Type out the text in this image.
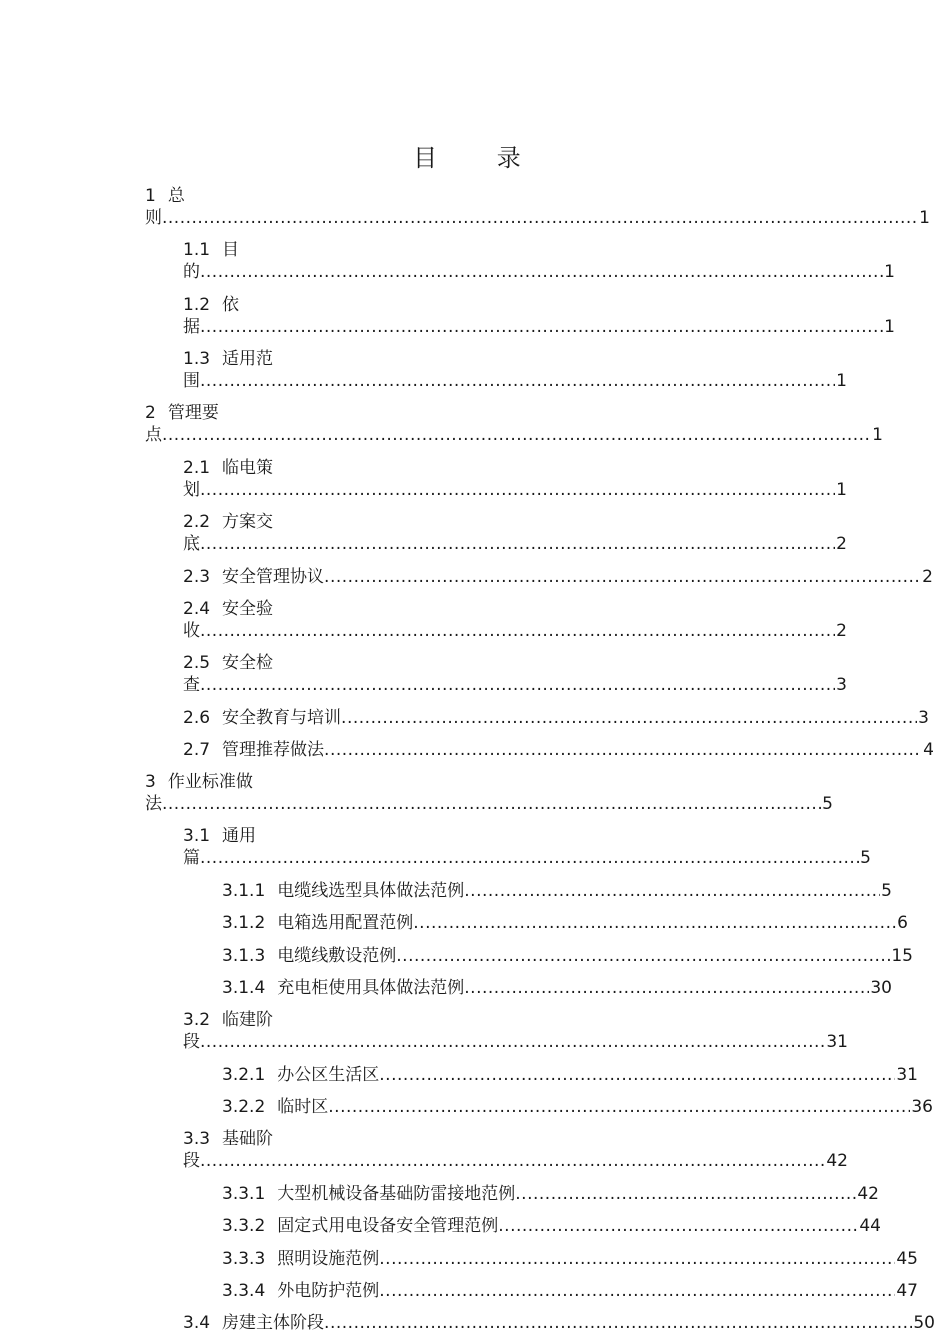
目 录
1 总
则 .....	1
1.1 目
的 .....	1
1.2 依
据 .....	1
1.3 适用范
围 .....	1
2 管理要
点 .....	1
2.1 临电策
划 .....	1
2.2 方案交
底 .....	2
2.3 安全管理协议 .....	2
2.4 安全验
收 .....	2
2.5 安全检
查 .....	3
2.6 安全教育与培训 .....	3
2.7 管理推荐做法 .....	4
3 作业标准做
法 .....	5
3.1 通用
篇 .....	5
3.1.1 电缆线选型具体做法范例 .....	5
3.1.2 电箱选用配置范例 .....	6
3.1.3 电缆线敷设范例 .....	15
3.1.4 充电柜使用具体做法范例 .....	30
3.2 临建阶
段 .....	31
3.2.1 办公区生活区 .....	31
3.2.2 临时区 .....	36
3.3 基础阶
段 .....	42
3.3.1 大型机械设备基础防雷接地范例 .....	42
3.3.2 固定式用电设备安全管理范例 .....	44
3.3.3 照明设施范例 .....	45
3.3.4 外电防护范例 .....	47
3.4 房建主体阶段 .....	50
